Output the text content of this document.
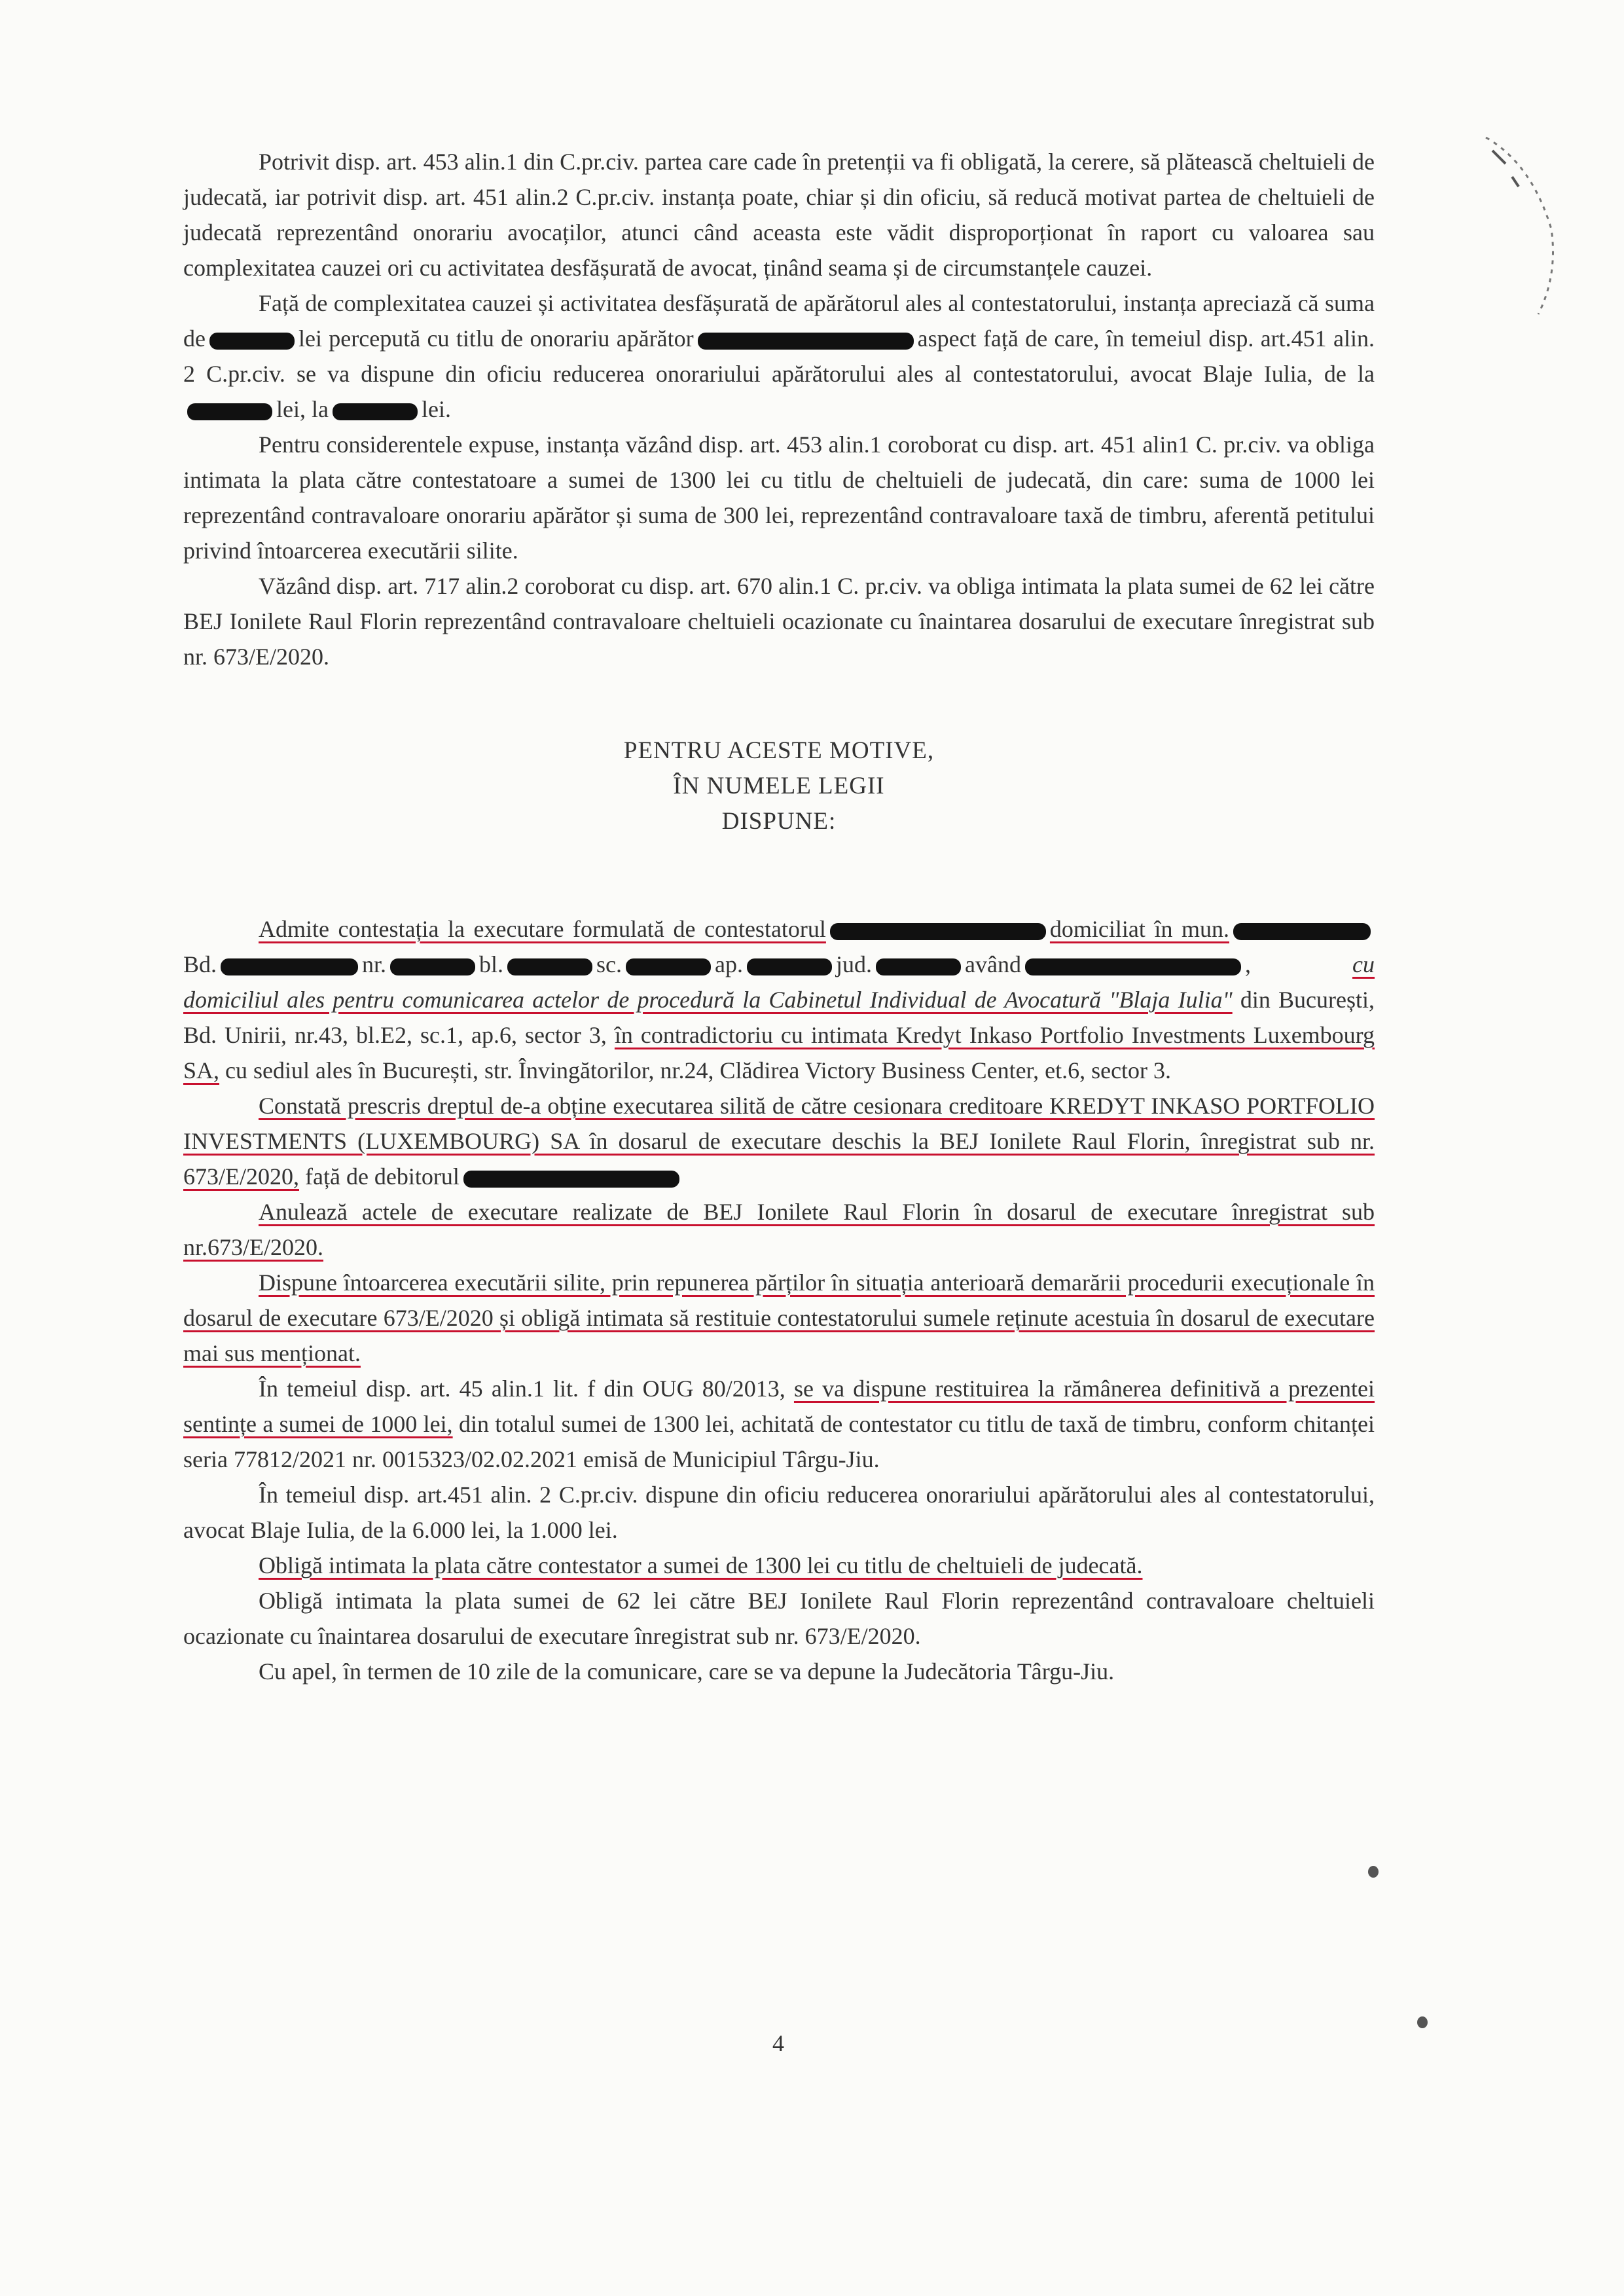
Potrivit disp. art. 453 alin.1 din C.pr.civ. partea care cade în pretenții va fi obligată, la cerere, să plătească cheltuieli de judecată, iar potrivit disp. art. 451 alin.2 C.pr.civ. instanța poate, chiar și din oficiu, să reducă motivat partea de cheltuieli de judecată reprezentând onorariu avocaților, atunci când aceasta este vădit disproporționat în raport cu valoarea sau complexitatea cauzei ori cu activitatea desfășurată de avocat, ținând seama și de circumstanțele cauzei.

Față de complexitatea cauzei și activitatea desfășurată de apărătorul ales al contestatorului, instanța apreciază că suma de	lei percepută cu titlu de onorariu apărător	aspect față de care, în temeiul disp. art.451 alin. 2 C.pr.civ. se va dispune din oficiu reducerea onorariului apărătorului ales al contestatorului, avocat Blaje Iulia, de lalei, la	lei.

Pentru considerentele expuse, instanța văzând disp. art. 453 alin.1 coroborat cu disp. art. 451 alin1 C. pr.civ. va obliga intimata la plata către contestatoare a sumei de 1300 lei cu titlu de cheltuieli de judecată, din care: suma de 1000 lei reprezentând contravaloare onorariu apărător și suma de 300 lei, reprezentând contravaloare taxă de timbru, aferentă petitului privind întoarcerea executării silite.

Văzând disp. art. 717 alin.2 coroborat cu disp. art. 670 alin.1 C. pr.civ. va obliga intimata la plata sumei de 62 lei către BEJ Ionilete Raul Florin reprezentând contravaloare cheltuieli ocazionate cu înaintarea dosarului de executare înregistrat sub nr. 673/E/2020.

PENTRU ACESTE MOTIVE,
ÎN NUMELE LEGII
DISPUNE:

Admite contestația la executare formulată de contestatorul	domiciliat în mun.Bd.	nr.	bl.	sc.	ap.	jud.	având	, cu domiciliul ales pentru comunicarea actelor de procedură la Cabinetul Individual de Avocatură "Blaja Iulia" din București, Bd. Unirii, nr.43, bl.E2, sc.1, ap.6, sector 3, în contradictoriu cu intimata Kredyt Inkaso Portfolio Investments Luxembourg SA, cu sediul ales în București, str. Învingătorilor, nr.24, Clădirea Victory Business Center, et.6, sector 3.

Constată prescris dreptul de-a obține executarea silită de către cesionara creditoare KREDYT INKASO PORTFOLIO INVESTMENTS (LUXEMBOURG) SA în dosarul de executare deschis la BEJ Ionilete Raul Florin, înregistrat sub nr. 673/E/2020, față de debitorul

Anulează actele de executare realizate de BEJ Ionilete Raul Florin în dosarul de executare înregistrat sub nr.673/E/2020.

Dispune întoarcerea executării silite, prin repunerea părților în situația anterioară demarării procedurii execuționale în dosarul de executare 673/E/2020 și obligă intimata să restituie contestatorului sumele reținute acestuia în dosarul de executare mai sus menționat.

În temeiul disp. art. 45 alin.1 lit. f din OUG 80/2013, se va dispune restituirea la rămânerea definitivă a prezentei sentințe a sumei de 1000 lei, din totalul sumei de 1300 lei, achitată de contestator cu titlu de taxă de timbru, conform chitanței seria 77812/2021 nr. 0015323/02.02.2021 emisă de Municipiul Târgu-Jiu.

În temeiul disp. art.451 alin. 2 C.pr.civ. dispune din oficiu reducerea onorariului apărătorului ales al contestatorului, avocat Blaje Iulia, de la 6.000 lei, la 1.000 lei.

Obligă intimata la plata către contestator a sumei de 1300 lei cu titlu de cheltuieli de judecată.

Obligă intimata la plata sumei de 62 lei către BEJ Ionilete Raul Florin reprezentând contravaloare cheltuieli ocazionate cu înaintarea dosarului de executare înregistrat sub nr. 673/E/2020.

Cu apel, în termen de 10 zile de la comunicare, care se va depune la Judecătoria Târgu-Jiu.

4
